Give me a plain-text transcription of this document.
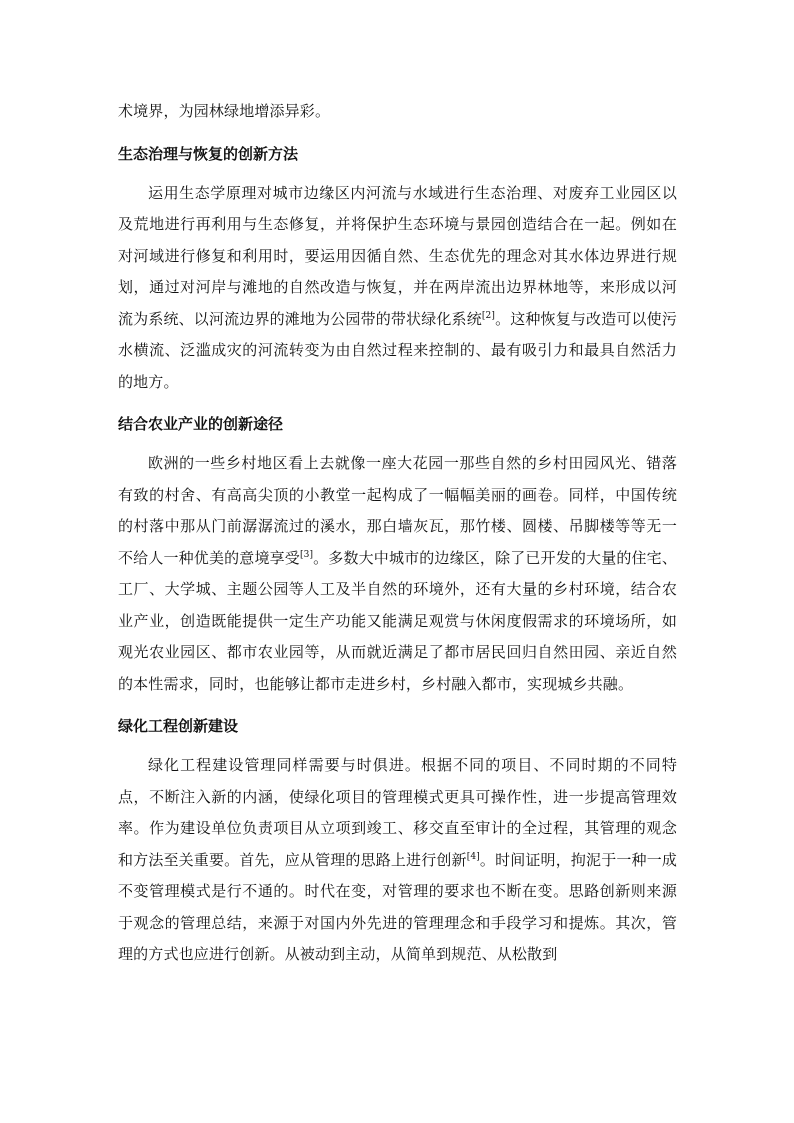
术境界，为园林绿地增添异彩。

生态治理与恢复的创新方法

运用生态学原理对城市边缘区内河流与水域进行生态治理、对废弃工业园区以及荒地进行再利用与生态修复，并将保护生态环境与景园创造结合在一起。例如在对河域进行修复和利用时，要运用因循自然、生态优先的理念对其水体边界进行规划，通过对河岸与滩地的自然改造与恢复，并在两岸流出边界林地等，来形成以河流为系统、以河流边界的滩地为公园带的带状绿化系统[2]。这种恢复与改造可以使污水横流、泛滥成灾的河流转变为由自然过程来控制的、最有吸引力和最具自然活力的地方。

结合农业产业的创新途径

欧洲的一些乡村地区看上去就像一座大花园一那些自然的乡村田园风光、错落有致的村舍、有高高尖顶的小教堂一起构成了一幅幅美丽的画卷。同样，中国传统的村落中那从门前潺潺流过的溪水，那白墙灰瓦，那竹楼、圆楼、吊脚楼等等无一不给人一种优美的意境享受[3]。多数大中城市的边缘区，除了已开发的大量的住宅、工厂、大学城、主题公园等人工及半自然的环境外，还有大量的乡村环境，结合农业产业，创造既能提供一定生产功能又能满足观赏与休闲度假需求的环境场所，如观光农业园区、都市农业园等，从而就近满足了都市居民回归自然田园、亲近自然的本性需求，同时，也能够让都市走进乡村，乡村融入都市，实现城乡共融。

绿化工程创新建设

绿化工程建设管理同样需要与时俱进。根据不同的项目、不同时期的不同特点，不断注入新的内涵，使绿化项目的管理模式更具可操作性，进一步提高管理效率。作为建设单位负责项目从立项到竣工、移交直至审计的全过程，其管理的观念和方法至关重要。首先，应从管理的思路上进行创新[4]。时间证明，拘泥于一种一成不变管理模式是行不通的。时代在变，对管理的要求也不断在变。思路创新则来源于观念的管理总结，来源于对国内外先进的管理理念和手段学习和提炼。其次，管理的方式也应进行创新。从被动到主动，从简单到规范、从松散到
